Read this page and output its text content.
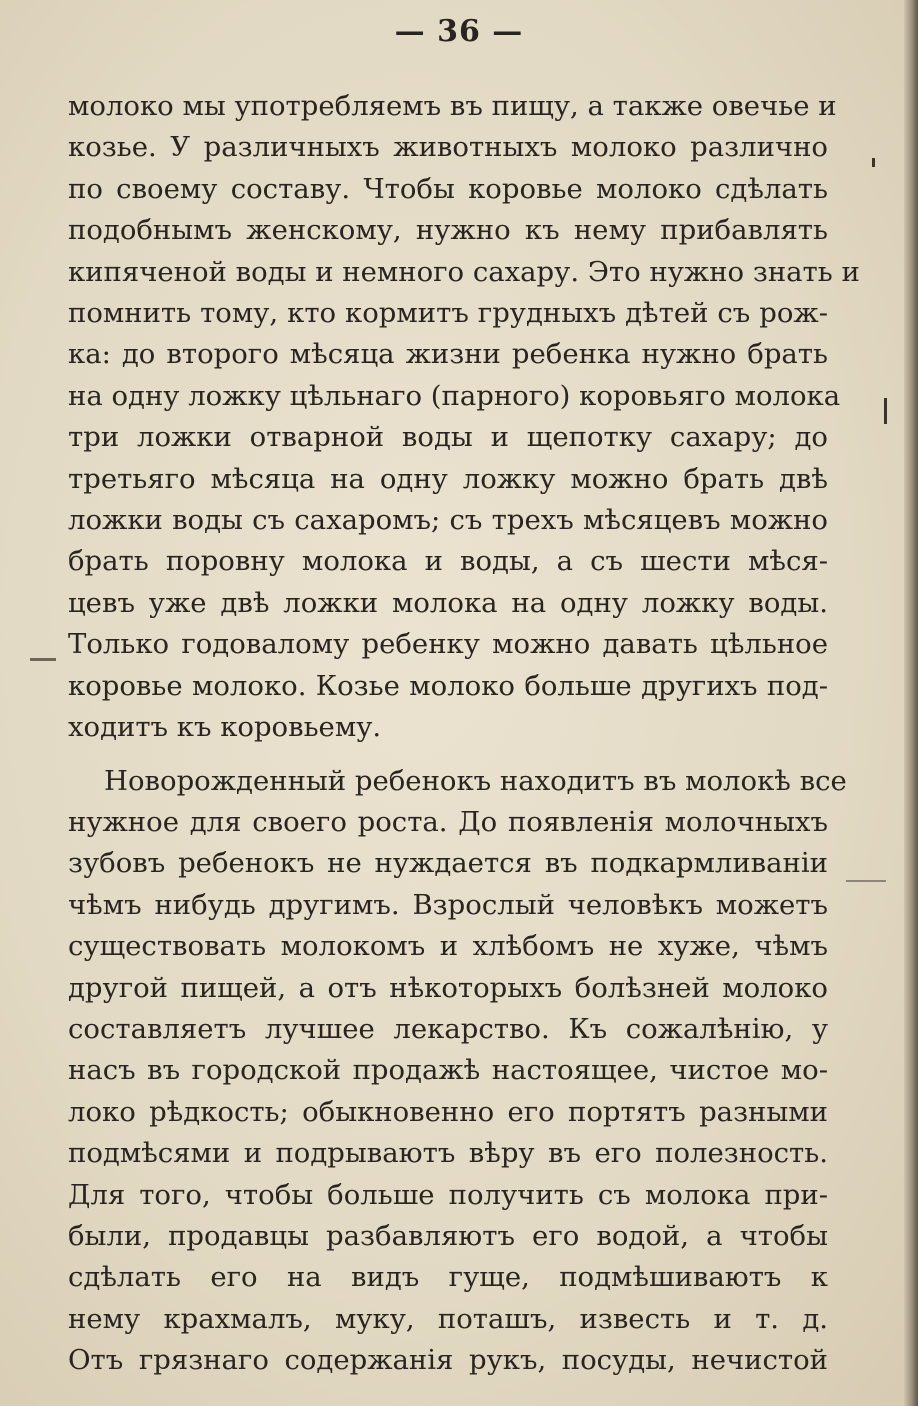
— 36 —
молоко мы употребляемъ въ пищу, а также овечье и
козье. У различныхъ животныхъ молоко различно
по своему составу. Чтобы коровье молоко сдѣлать
подобнымъ женскому, нужно къ нему прибавлять
кипяченой воды и немного сахару. Это нужно знать и
помнить тому, кто кормитъ грудныхъ дѣтей съ рож-
ка: до второго мѣсяца жизни ребенка нужно брать
на одну ложку цѣльнаго (парного) коровьяго молока
три ложки отварной воды и щепотку сахару; до
третьяго мѣсяца на одну ложку можно брать двѣ
ложки воды съ сахаромъ; съ трехъ мѣсяцевъ можно
брать поровну молока и воды, а съ шести мѣся-
цевъ уже двѣ ложки молока на одну ложку воды.
Только годовалому ребенку можно давать цѣльное
коровье молоко. Козье молоко больше другихъ под-
ходитъ къ коровьему.
Новорожденный ребенокъ находитъ въ молокѣ все
нужное для своего роста. До появленія молочныхъ
зубовъ ребенокъ не нуждается въ подкармливаніи
чѣмъ нибудь другимъ. Взрослый человѣкъ можетъ
существовать молокомъ и хлѣбомъ не хуже, чѣмъ
другой пищей, а отъ нѣкоторыхъ болѣзней молоко
составляетъ лучшее лекарство. Къ сожалѣнію, у
насъ въ городской продажѣ настоящее, чистое мо-
локо рѣдкость; обыкновенно его портятъ разными
подмѣсями и подрываютъ вѣру въ его полезность.
Для того, чтобы больше получить съ молока при-
были, продавцы разбавляютъ его водой, а чтобы
сдѣлать его на видъ гуще, подмѣшиваютъ к
нему крахмалъ, муку, поташъ, известь и т. д.
Отъ грязнаго содержанія рукъ, посуды, нечистой
